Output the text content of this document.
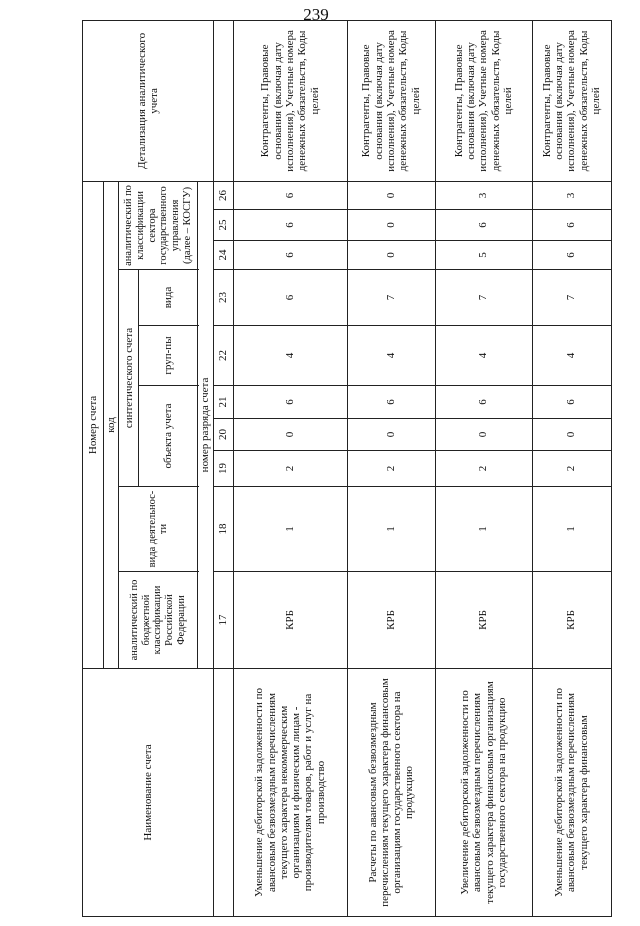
239
Наименование счета	Номер счета										Детализация аналитического учета
	код										
	аналитический по бюджетной классификации Российской Федерации	вида деятельнос-ти	синтетического счета					аналитический по классификации сектора государственного управления (далее – КОСГУ)			
			объекта учета			груп-пы	вида				

	номер разряда счета										
	17	18	19	20	21	22	23	24	25	26	
Уменьшение дебиторской задолженности по авансовым безвозмездным перечислениям текущего характера некоммерческим организациям и физическим лицам - производителям товаров, работ и услуг на производство	КРБ	1	2	0	6	4	6	6	6	6	Контрагенты, Правовые основания (включая дату исполнения), Учетные номера денежных обязательств, Коды целей
Расчеты по авансовым безвозмездным перечислениям текущего характера финансовым организациям государственного сектора на продукцию	КРБ	1	2	0	6	4	7	0	0	0	Контрагенты, Правовые основания (включая дату исполнения), Учетные номера денежных обязательств, Коды целей
Увеличение дебиторской задолженности по авансовым безвозмездным перечислениям текущего характера финансовым организациям государственного сектора на продукцию	КРБ	1	2	0	6	4	7	5	6	3	Контрагенты, Правовые основания (включая дату исполнения), Учетные номера денежных обязательств, Коды целей
Уменьшение дебиторской задолженности по авансовым безвозмездным перечислениям текущего характера финансовым	КРБ	1	2	0	6	4	7	6	6	3	Контрагенты, Правовые основания (включая дату исполнения), Учетные номера денежных обязательств, Коды целей
